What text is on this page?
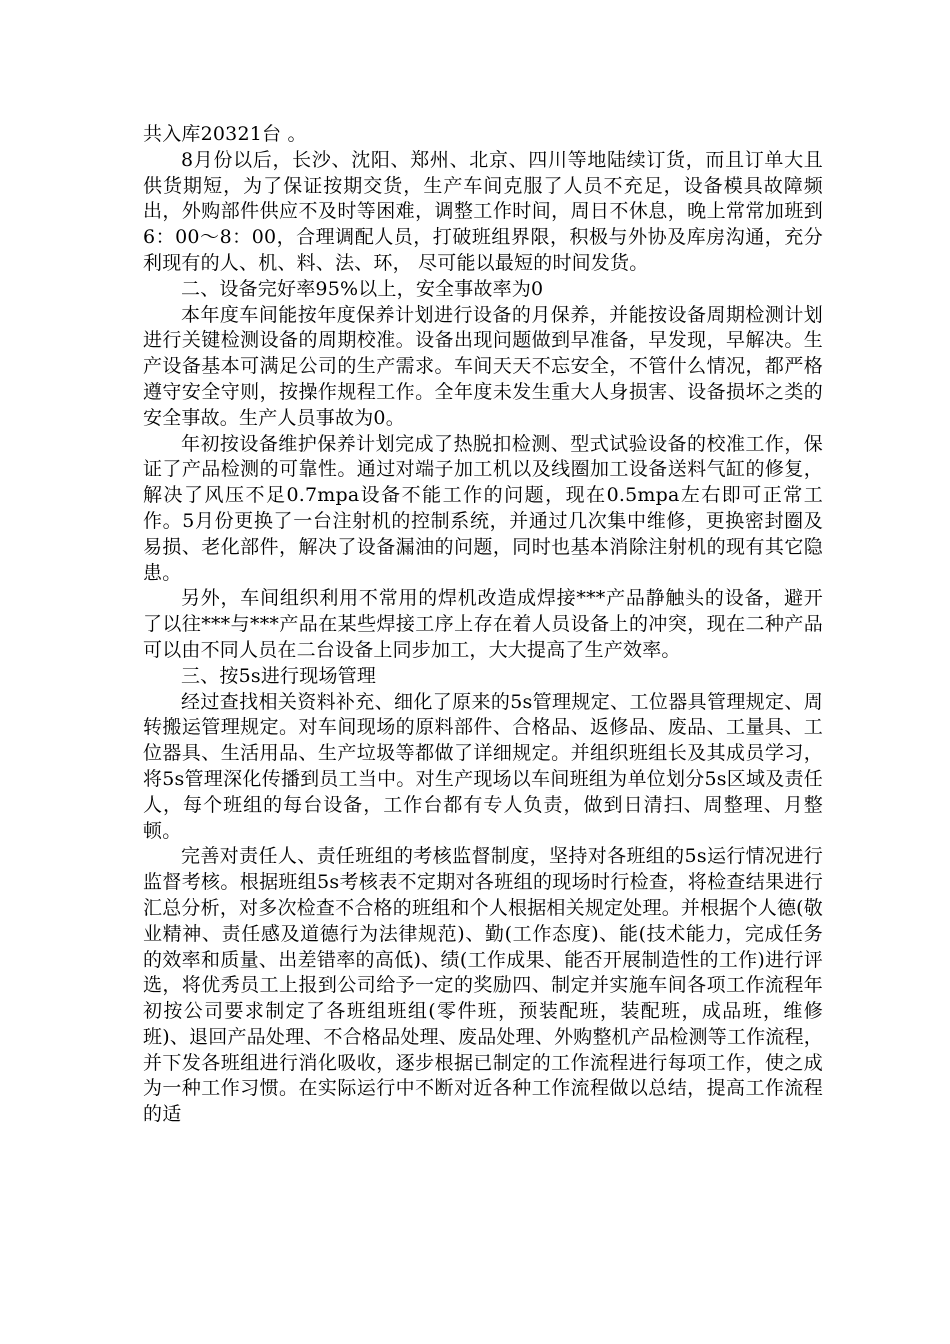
共入库20321台 。

8月份以后，长沙、沈阳、郑州、北京、四川等地陆续订货，而且订单大且供货期短，为了保证按期交货，生产车间克服了人员不充足，设备模具故障频出，外购部件供应不及时等困难，调整工作时间，周日不休息，晚上常常加班到6：00～8：00，合理调配人员，打破班组界限，积极与外协及库房沟通，充分利现有的人、机、料、法、环， 尽可能以最短的时间发货。

二、设备完好率95%以上，安全事故率为0

本年度车间能按年度保养计划进行设备的月保养，并能按设备周期检测计划进行关键检测设备的周期校准。设备出现问题做到早准备，早发现，早解决。生产设备基本可满足公司的生产需求。车间天天不忘安全，不管什么情况，都严格遵守安全守则，按操作规程工作。全年度未发生重大人身损害、设备损坏之类的安全事故。生产人员事故为0。

年初按设备维护保养计划完成了热脱扣检测、型式试验设备的校准工作，保证了产品检测的可靠性。通过对端子加工机以及线圈加工设备送料气缸的修复，解决了风压不足0.7mpa设备不能工作的问题，现在0.5mpa左右即可正常工作。5月份更换了一台注射机的控制系统，并通过几次集中维修，更换密封圈及易损、老化部件，解决了设备漏油的问题，同时也基本消除注射机的现有其它隐患。

另外，车间组织利用不常用的焊机改造成焊接***产品静触头的设备，避开了以往***与***产品在某些焊接工序上存在着人员设备上的冲突，现在二种产品可以由不同人员在二台设备上同步加工，大大提高了生产效率。

三、按5s进行现场管理

经过查找相关资料补充、细化了原来的5s管理规定、工位器具管理规定、周转搬运管理规定。对车间现场的原料部件、合格品、返修品、废品、工量具、工位器具、生活用品、生产垃圾等都做了详细规定。并组织班组长及其成员学习，将5s管理深化传播到员工当中。对生产现场以车间班组为单位划分5s区域及责任人，每个班组的每台设备，工作台都有专人负责，做到日清扫、周整理、月整顿。

完善对责任人、责任班组的考核监督制度，坚持对各班组的5s运行情况进行监督考核。根据班组5s考核表不定期对各班组的现场时行检查，将检查结果进行汇总分析，对多次检查不合格的班组和个人根据相关规定处理。并根据个人德(敬业精神、责任感及道德行为法律规范)、勤(工作态度)、能(技术能力，完成任务的效率和质量、出差错率的高低)、绩(工作成果、能否开展制造性的工作)进行评选，将优秀员工上报到公司给予一定的奖励四、制定并实施车间各项工作流程年初按公司要求制定了各班组班组(零件班，预装配班，装配班，成品班，维修班)、退回产品处理、不合格品处理、废品处理、外购整机产品检测等工作流程，并下发各班组进行消化吸收，逐步根据已制定的工作流程进行每项工作，使之成为一种工作习惯。在实际运行中不断对近各种工作流程做以总结，提高工作流程的适
